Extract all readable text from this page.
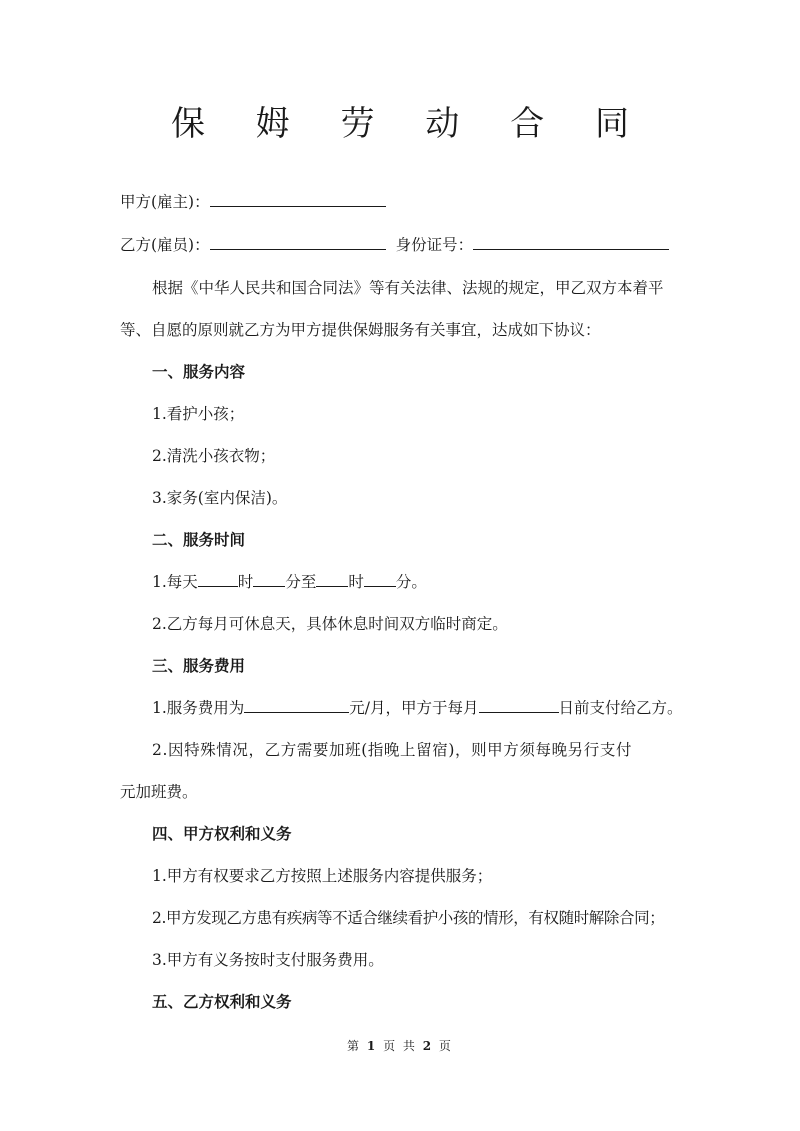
保 姆 劳 动 合 同
甲方(雇主)：
乙方(雇员)：	身份证号：
根据《中华人民共和国合同法》等有关法律、法规的规定，甲乙双方本着平
等、自愿的原则就乙方为甲方提供保姆服务有关事宜，达成如下协议：
一、服务内容
1.看护小孩；
2.清洗小孩衣物；
3.家务(室内保洁)。
二、服务时间
1.每天	时 分至 时 分。
2.乙方每月可休息天，具体休息时间双方临时商定。
三、服务费用
1.服务费用为	元/月，甲方于每月	日前支付给乙方。
2.因特殊情况，乙方需要加班(指晚上留宿)，则甲方须每晚另行支付
元加班费。
四、甲方权利和义务
1.甲方有权要求乙方按照上述服务内容提供服务；
2.甲方发现乙方患有疾病等不适合继续看护小孩的情形，有权随时解除合同；
3.甲方有义务按时支付服务费用。
五、乙方权利和义务
第 1 页 共 2 页
